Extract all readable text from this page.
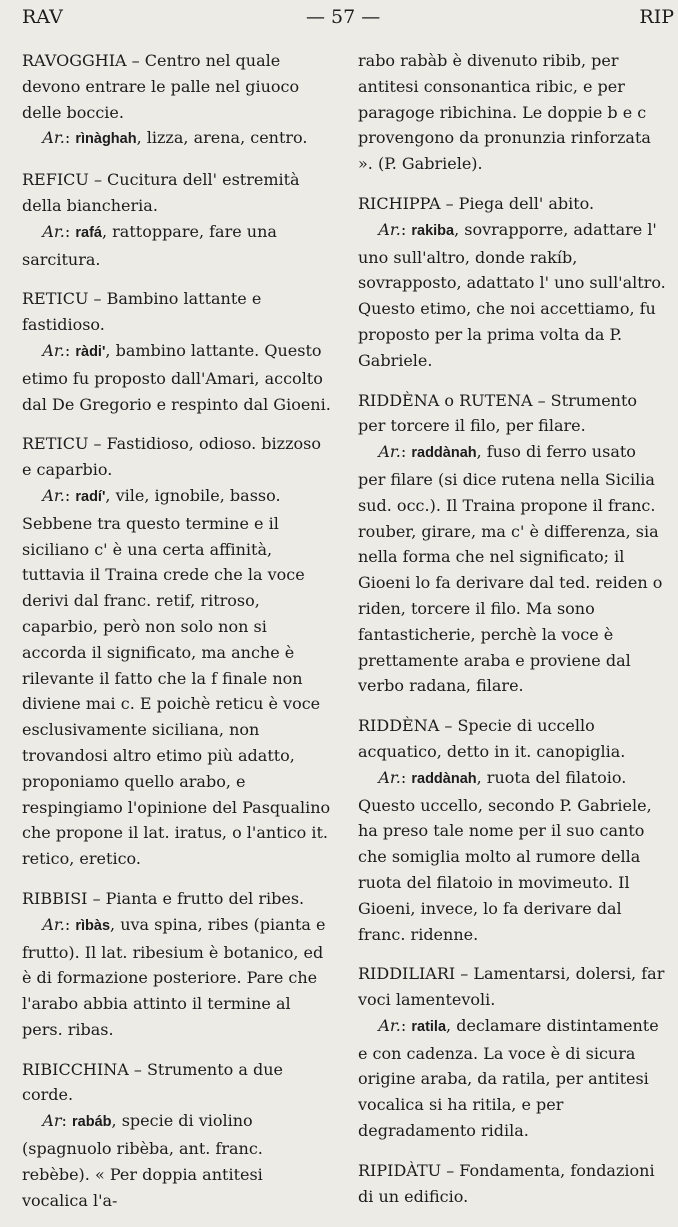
RAV	— 57 —	RIP

RAVOGGHIA – Centro nel quale devono entrare le palle nel giuoco delle boccie.

Ar.: rìnàghah, lizza, arena, centro.

REFICU – Cucitura dell' estremità della biancheria.

Ar.: rafá, rattoppare, fare una sarcitura.

RETICU – Bambino lattante e fastidioso.

Ar.: ràdi', bambino lattante. Questo etimo fu proposto dall'Amari, accolto dal De Gregorio e respinto dal Gioeni.

RETICU – Fastidioso, odioso. bizzoso e caparbio.

Ar.: radí', vile, ignobile, basso. Sebbene tra questo termine e il siciliano c' è una certa affinità, tuttavia il Traina crede che la voce derivi dal franc. retif, ritroso, caparbio, però non solo non si accorda il significato, ma anche è rilevante il fatto che la f finale non diviene mai c. E poichè reticu è voce esclusivamente siciliana, non trovandosi altro etimo più adatto, proponiamo quello arabo, e respingiamo l'opinione del Pasqualino che propone il lat. iratus, o l'antico it. retico, eretico.

RIBBISI – Pianta e frutto del ribes.

Ar.: rìbàs, uva spina, ribes (pianta e frutto). Il lat. ribesium è botanico, ed è di formazione posteriore. Pare che l'arabo abbia attinto il termine al pers. ribas.

RIBICCHINA – Strumento a due corde.

Ar: rabáb, specie di violino (spagnuolo ribèba, ant. franc. rebèbe). « Per doppia antitesi vocalica l'a-

rabo rabàb è divenuto ribib, per antitesi consonantica ribic, e per paragoge ribichina. Le doppie b e c provengono da pronunzia rinforzata ». (P. Gabriele).

RICHIPPA – Piega dell' abito.

Ar.: rakiba, sovrapporre, adattare l' uno sull'altro, donde rakíb, sovrapposto, adattato l' uno sull'altro. Questo etimo, che noi accettiamo, fu proposto per la prima volta da P. Gabriele.

RIDDÈNA o RUTENA – Strumento per torcere il filo, per filare.

Ar.: raddànah, fuso di ferro usato per filare (si dice rutena nella Sicilia sud. occ.). Il Traina propone il franc. rouber, girare, ma c' è differenza, sia nella forma che nel significato; il Gioeni lo fa derivare dal ted. reiden o riden, torcere il filo. Ma sono fantasticherie, perchè la voce è prettamente araba e proviene dal verbo radana, filare.

RIDDÈNA – Specie di uccello acquatico, detto in it. canopiglia.

Ar.: raddànah, ruota del filatoio. Questo uccello, secondo P. Gabriele, ha preso tale nome per il suo canto che somiglia molto al rumore della ruota del filatoio in movimeuto. Il Gioeni, invece, lo fa derivare dal franc. ridenne.

RIDDILIARI – Lamentarsi, dolersi, far voci lamentevoli.

Ar.: ratila, declamare distintamente e con cadenza. La voce è di sicura origine araba, da ratila, per antitesi vocalica si ha ritila, e per degradamento ridila.

RIPIDÀTU – Fondamenta, fondazioni di un edificio.
